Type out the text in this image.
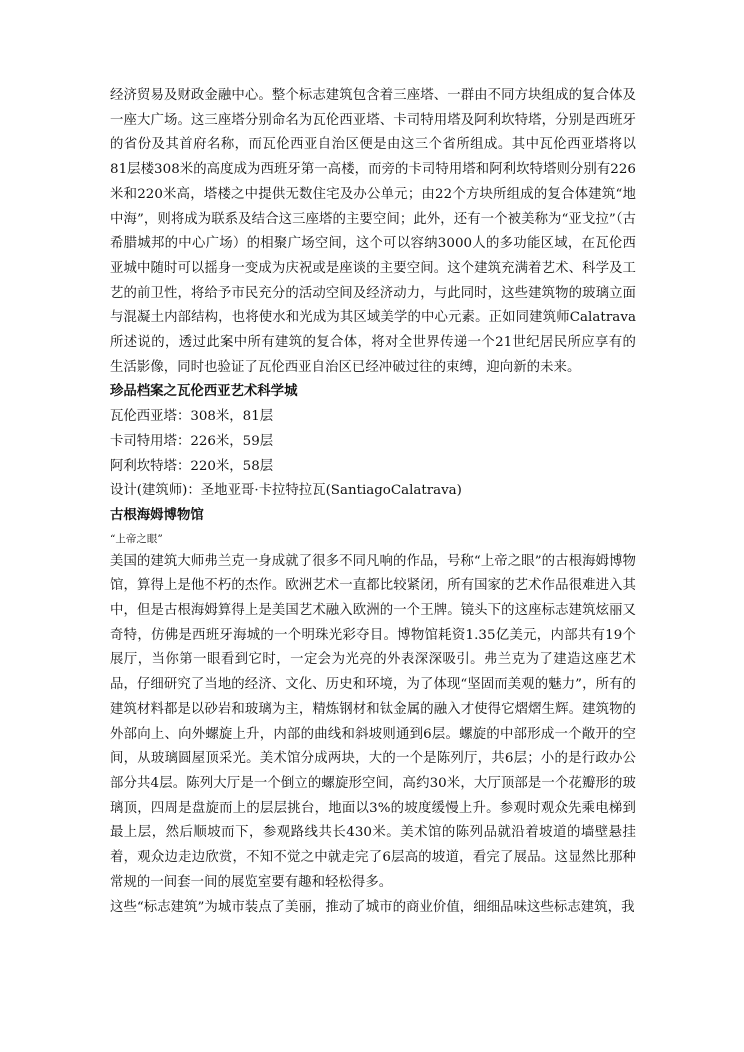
经济贸易及财政金融中心。整个标志建筑包含着三座塔、一群由不同方块组成的复合体及一座大广场。这三座塔分别命名为瓦伦西亚塔、卡司特用塔及阿利坎特塔，分别是西班牙的省份及其首府名称，而瓦伦西亚自治区便是由这三个省所组成。其中瓦伦西亚塔将以81层楼308米的高度成为西班牙第一高楼，而旁的卡司特用塔和阿利坎特塔则分别有226米和220米高，塔楼之中提供无数住宅及办公单元；由22个方块所组成的复合体建筑“地中海”，则将成为联系及结合这三座塔的主要空间；此外，还有一个被美称为“亚戈拉”（古希腊城邦的中心广场）的相聚广场空间，这个可以容纳3000人的多功能区域，在瓦伦西亚城中随时可以摇身一变成为庆祝或是座谈的主要空间。这个建筑充满着艺术、科学及工艺的前卫性，将给予市民充分的活动空间及经济动力，与此同时，这些建筑物的玻璃立面与混凝土内部结构，也将使水和光成为其区域美学的中心元素。正如同建筑师Calatrava所述说的，透过此案中所有建筑的复合体，将对全世界传递一个21世纪居民所应享有的生活影像，同时也验证了瓦伦西亚自治区已经冲破过往的束缚，迎向新的未来。

珍品档案之瓦伦西亚艺术科学城

瓦伦西亚塔：308米，81层

卡司特用塔：226米，59层

阿利坎特塔：220米，58层

设计(建筑师)：圣地亚哥·卡拉特拉瓦(SantiagoCalatrava)

古根海姆博物馆

“上帝之眼”

美国的建筑大师弗兰克一身成就了很多不同凡响的作品，号称“上帝之眼”的古根海姆博物馆，算得上是他不朽的杰作。欧洲艺术一直都比较紧闭，所有国家的艺术作品很难进入其中，但是古根海姆算得上是美国艺术融入欧洲的一个王牌。镜头下的这座标志建筑炫丽又奇特，仿佛是西班牙海城的一个明珠光彩夺目。博物馆耗资1.35亿美元，内部共有19个展厅，当你第一眼看到它时，一定会为光亮的外表深深吸引。弗兰克为了建造这座艺术品，仔细研究了当地的经济、文化、历史和环境，为了体现“坚固而美观的魅力”，所有的建筑材料都是以砂岩和玻璃为主，精炼钢材和钛金属的融入才使得它熠熠生辉。建筑物的外部向上、向外螺旋上升，内部的曲线和斜坡则通到6层。螺旋的中部形成一个敞开的空间，从玻璃圆屋顶采光。美术馆分成两块，大的一个是陈列厅，共6层；小的是行政办公部分共4层。陈列大厅是一个倒立的螺旋形空间，高约30米，大厅顶部是一个花瓣形的玻璃顶，四周是盘旋而上的层层挑台，地面以3%的坡度缓慢上升。参观时观众先乘电梯到最上层，然后顺坡而下，参观路线共长430米。美术馆的陈列品就沿着坡道的墙壁悬挂着，观众边走边欣赏，不知不觉之中就走完了6层高的坡道，看完了展品。这显然比那种常规的一间套一间的展览室要有趣和轻松得多。

这些“标志建筑”为城市装点了美丽，推动了城市的商业价值，细细品味这些标志建筑，我
